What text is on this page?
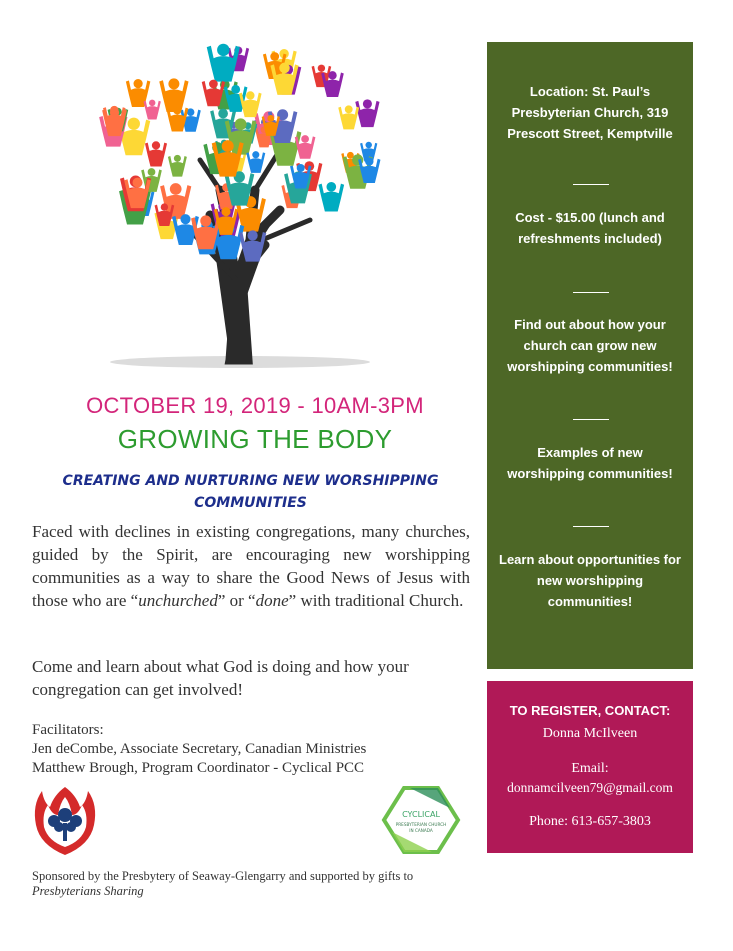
OCTOBER 19, 2019 - 10AM-3PM
GROWING THE BODY
CREATING AND NURTURING NEW WORSHIPPING COMMUNITIES

Faced with declines in existing congregations, many churches, guided by the Spirit, are encouraging new worshipping communities as a way to share the Good News of Jesus with those who are “unchurched” or “done” with traditional Church.

Come and learn about what God is doing and how your congregation can get involved!
Facilitators:
Jen deCombe, Associate Secretary, Canadian Ministries
Matthew Brough, Program Coordinator - Cyclical PCC
CYCLICAL
PRESBYTERIAN CHURCH
IN CANADA
Sponsored by the Presbytery of Seaway-Glengarry and supported by gifts to Presbyterians Sharing
Location: St. Paul’s Presbyterian Church, 319 Prescott Street, Kemptville
Cost - $15.00 (lunch and refreshments included)
Find out about how your church can grow new worshipping communities!
Examples of new worshipping communities!
Learn about opportunities for new worshipping communities!
TO REGISTER, CONTACT:
Donna McIlveen
Email:
donnamcilveen79@gmail.com
Phone: 613-657-3803
